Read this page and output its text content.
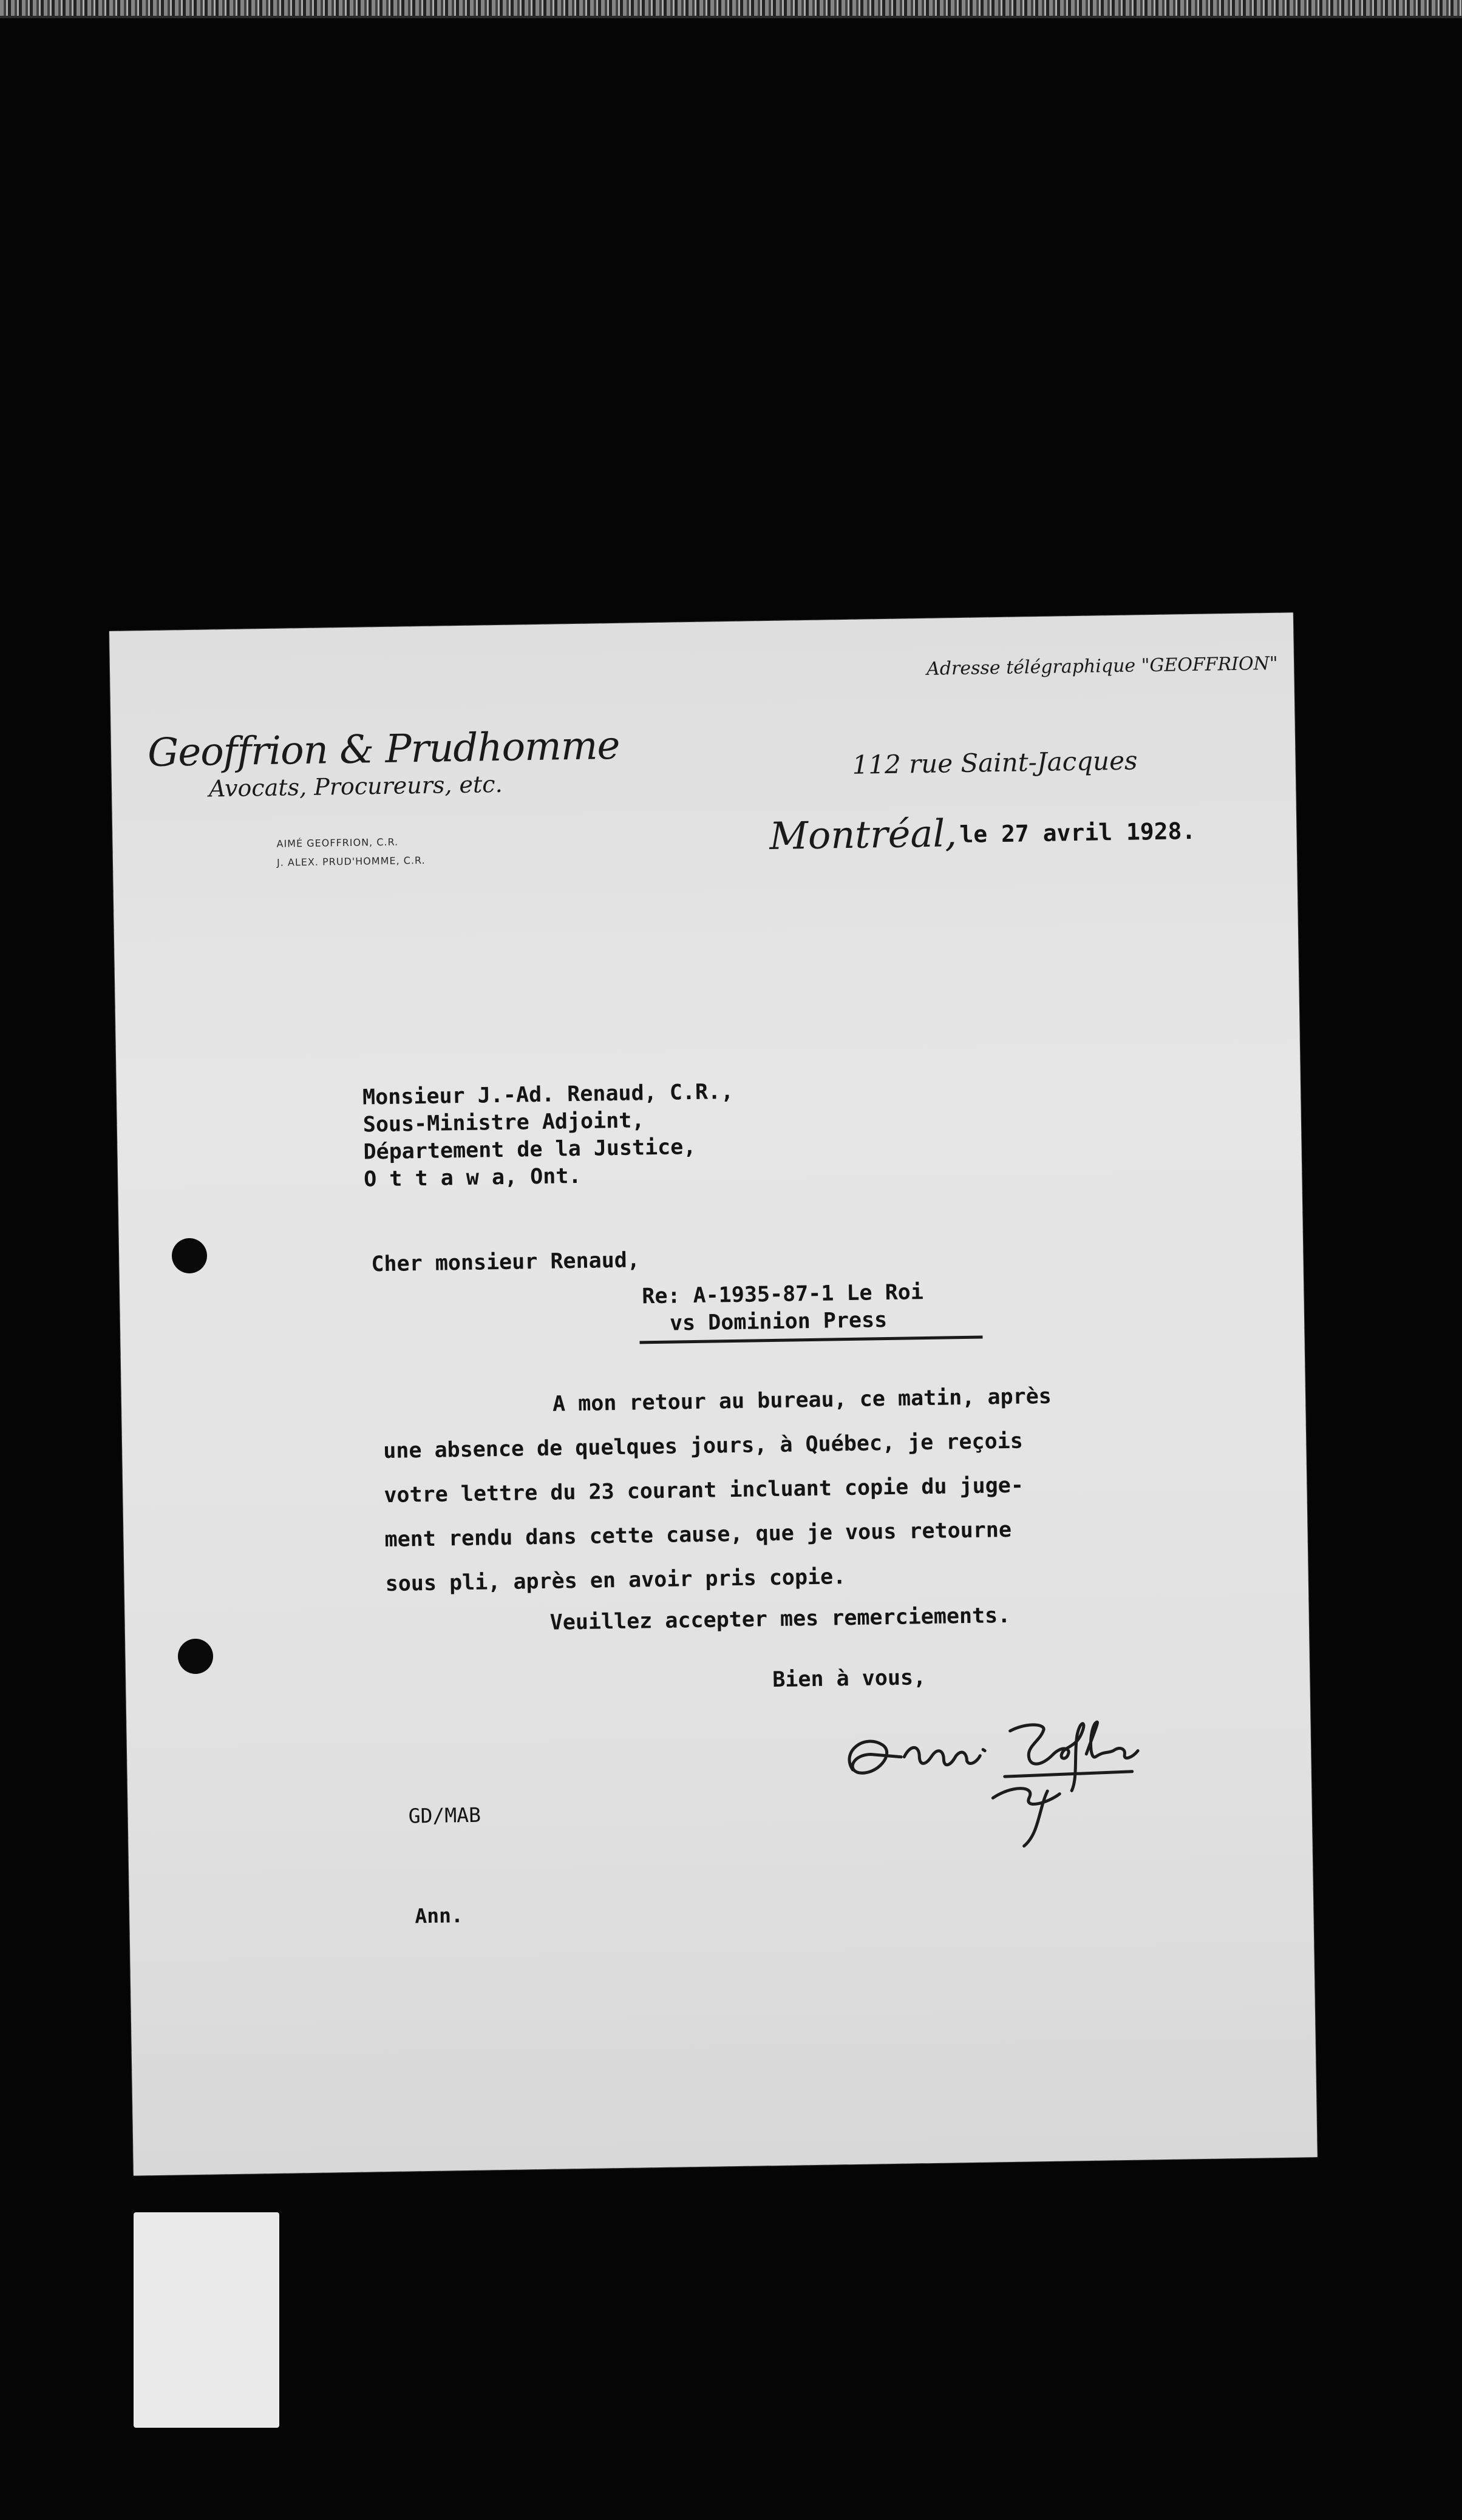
Adresse télégraphique "GEOFFRION"
Geoffrion & Prudhomme
Avocats, Procureurs, etc.
112 rue Saint-Jacques
AIMÉ GEOFFRION, C.R.
J. ALEX. PRUD'HOMME, C.R.
Montréal, le 27 avril 1928.
Monsieur J.-Ad. Renaud, C.R.,
Sous-Ministre Adjoint,
Département de la Justice,
O t t a w a, Ont.
Cher monsieur Renaud,
Re: A-1935-87-1 Le Roi
vs Dominion Press
A mon retour au bureau, ce matin, après
une absence de quelques jours, à Québec, je reçois
votre lettre du 23 courant incluant copie du juge-
ment rendu dans cette cause, que je vous retourne
sous pli, après en avoir pris copie.
Veuillez accepter mes remerciements.
Bien à vous,
GD/MAB
Ann.
